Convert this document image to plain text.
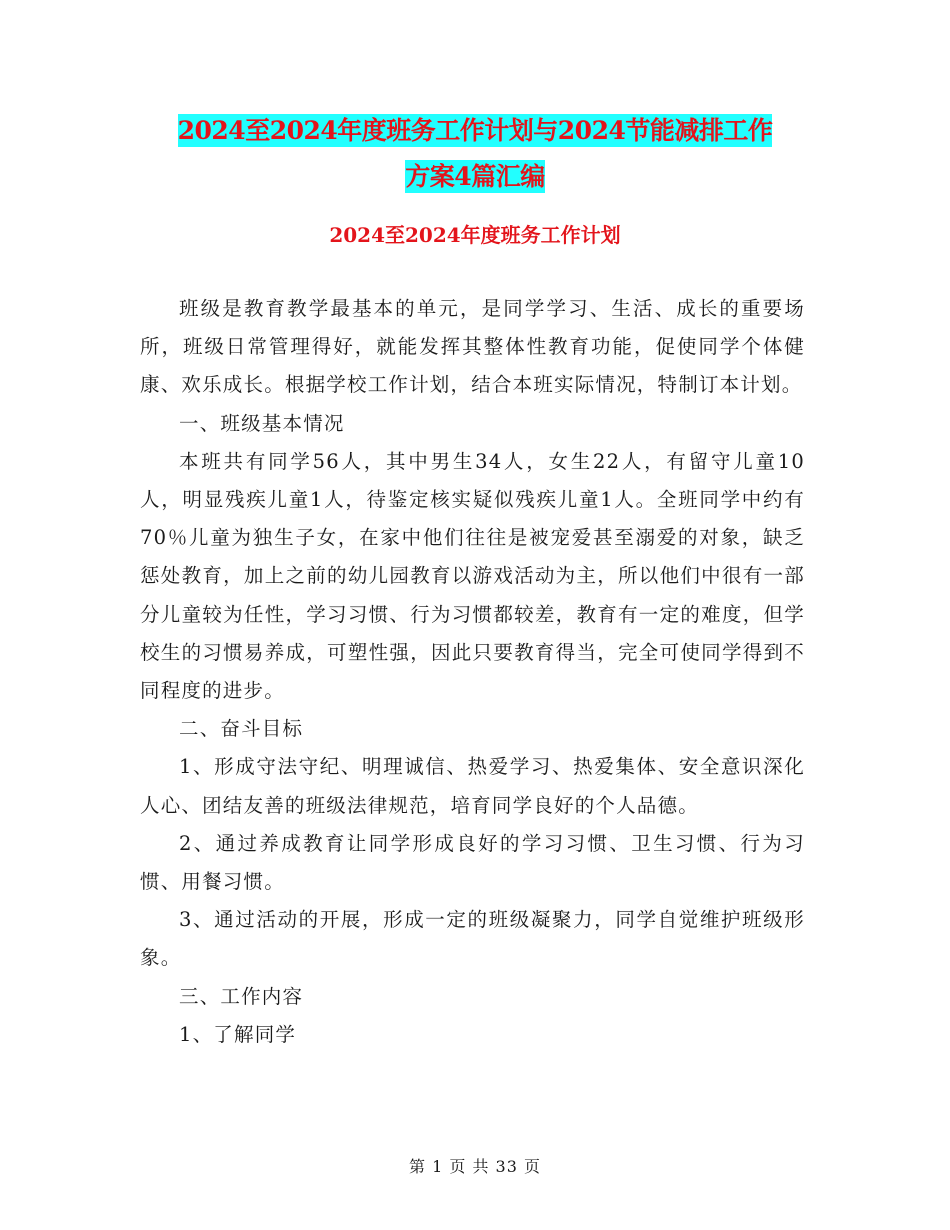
2024至2024年度班务工作计划与2024节能减排工作
方案4篇汇编
2024至2024年度班务工作计划

班级是教育教学最基本的单元，是同学学习、生活、成长的重要场所，班级日常管理得好，就能发挥其整体性教育功能，促使同学个体健康、欢乐成长。根据学校工作计划，结合本班实际情况，特制订本计划。

一、班级基本情况

本班共有同学56人，其中男生34人，女生22人，有留守儿童10人，明显残疾儿童1人，待鉴定核实疑似残疾儿童1人。全班同学中约有70％儿童为独生子女，在家中他们往往是被宠爱甚至溺爱的对象，缺乏惩处教育，加上之前的幼儿园教育以游戏活动为主，所以他们中很有一部分儿童较为任性，学习习惯、行为习惯都较差，教育有一定的难度，但学校生的习惯易养成，可塑性强，因此只要教育得当，完全可使同学得到不同程度的进步。

二、奋斗目标

1、形成守法守纪、明理诚信、热爱学习、热爱集体、安全意识深化人心、团结友善的班级法律规范，培育同学良好的个人品德。

2、通过养成教育让同学形成良好的学习习惯、卫生习惯、行为习惯、用餐习惯。

3、通过活动的开展，形成一定的班级凝聚力，同学自觉维护班级形象。

三、工作内容

1、了解同学

第 1 页 共 33 页
